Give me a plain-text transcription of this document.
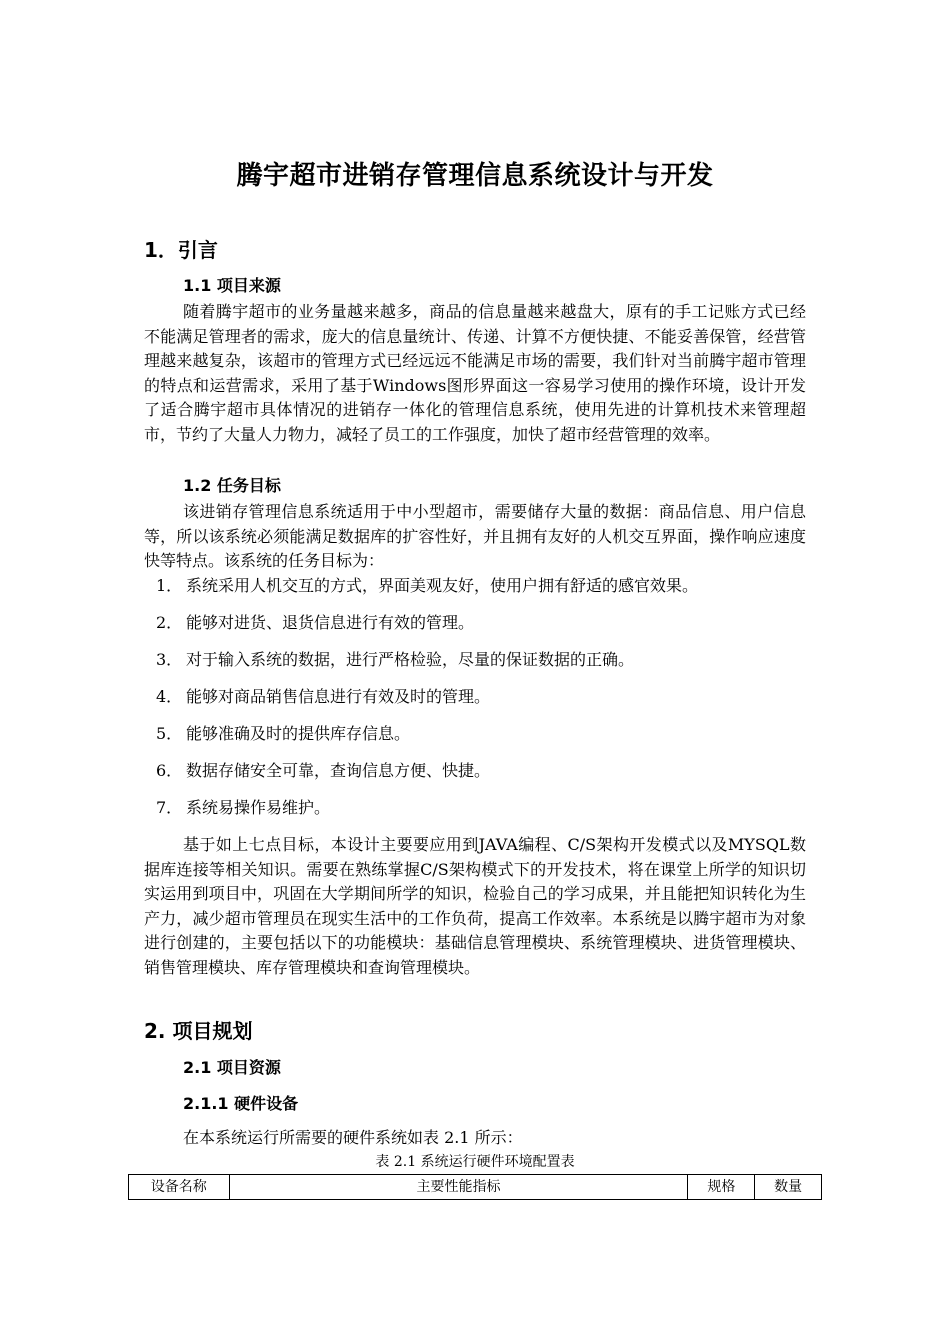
腾宇超市进销存管理信息系统设计与开发
1．引言
1.1 项目来源

随着腾宇超市的业务量越来越多，商品的信息量越来越盘大，原有的手工记账方式已经不能满足管理者的需求，庞大的信息量统计、传递、计算不方便快捷、不能妥善保管，经营管理越来越复杂，该超市的管理方式已经远远不能满足市场的需要，我们针对当前腾宇超市管理的特点和运营需求，采用了基于Windows图形界面这一容易学习使用的操作环境，设计开发了适合腾宇超市具体情况的进销存一体化的管理信息系统，使用先进的计算机技术来管理超市，节约了大量人力物力，减轻了员工的工作强度，加快了超市经营管理的效率。

1.2 任务目标

该进销存管理信息系统适用于中小型超市，需要储存大量的数据：商品信息、用户信息等，所以该系统必须能满足数据库的扩容性好，并且拥有友好的人机交互界面，操作响应速度快等特点。该系统的任务目标为：

1． 系统采用人机交互的方式，界面美观友好，使用户拥有舒适的感官效果。
2． 能够对进货、退货信息进行有效的管理。
3． 对于输入系统的数据，进行严格检验，尽量的保证数据的正确。
4． 能够对商品销售信息进行有效及时的管理。
5． 能够准确及时的提供库存信息。
6． 数据存储安全可靠，查询信息方便、快捷。
7． 系统易操作易维护。

基于如上七点目标，本设计主要要应用到JAVA编程、C/S架构开发模式以及MYSQL数据库连接等相关知识。需要在熟练掌握C/S架构模式下的开发技术，将在课堂上所学的知识切实运用到项目中，巩固在大学期间所学的知识，检验自己的学习成果，并且能把知识转化为生产力，减少超市管理员在现实生活中的工作负荷，提高工作效率。本系统是以腾宇超市为对象进行创建的，主要包括以下的功能模块：基础信息管理模块、系统管理模块、进货管理模块、销售管理模块、库存管理模块和查询管理模块。

2. 项目规划
2.1 项目资源
2.1.1 硬件设备
在本系统运行所需要的硬件系统如表 2.1 所示：
表 2.1 系统运行硬件环境配置表
设备名称	主要性能指标	规格	数量
